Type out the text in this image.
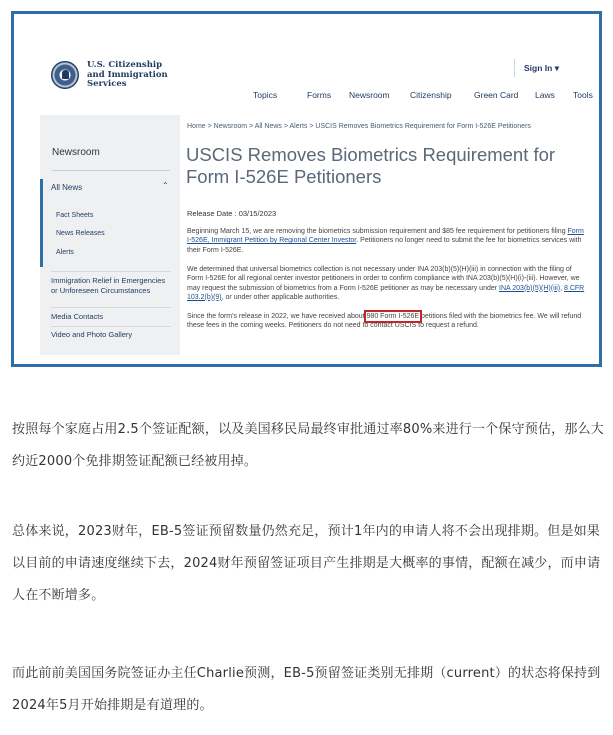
U.S. Citizenship
and Immigration
Services
Sign In ▾
Topics	Forms Newsroom Citizenship	Green Card Laws Tools
Newsroom
All News	⌃
Fact Sheets
News Releases
Alerts
Immigration Relief in Emergencies or Unforeseen Circumstances
Media Contacts
Video and Photo Gallery
Home > Newsroom > All News > Alerts > USCIS Removes Biometrics Requirement for Form I-526E Petitioners
USCIS Removes Biometrics Requirement for Form I-526E Petitioners
Release Date : 03/15/2023

Beginning March 15, we are removing the biometrics submission requirement and $85 fee requirement for petitioners filing Form I-526E, Immigrant Petition by Regional Center Investor. Petitioners no longer need to submit the fee for biometrics services with their Form I-526E.

We determined that universal biometrics collection is not necessary under INA 203(b)(5)(H)(iii) in connection with the filing of Form I-526E for all regional center investor petitioners in order to confirm compliance with INA 203(b)(5)(H)(i)-(iii). However, we may request the submission of biometrics from a Form I-526E petitioner as may be necessary under INA 203(b)(5)(H)(iii), 8 CFR 103.2(b)(9), or under other applicable authorities.

Since the form's release in 2022, we have received about 980 Form I-526E petitions filed with the biometrics fee. We will refund these fees in the coming weeks. Petitioners do not need to contact USCIS to request a refund.

按照每个家庭占用2.5个签证配额，以及美国移民局最终审批通过率80%来进行一个保守预估，那么大约近2000个免排期签证配额已经被用掉。

总体来说，2023财年，EB-5签证预留数量仍然充足，预计1年内的申请人将不会出现排期。但是如果以目前的申请速度继续下去，2024财年预留签证项目产生排期是大概率的事情，配额在减少，而申请人在不断增多。

而此前前美国国务院签证办主任Charlie预测，EB-5预留签证类别无排期（current）的状态将保持到2024年5月开始排期是有道理的。
